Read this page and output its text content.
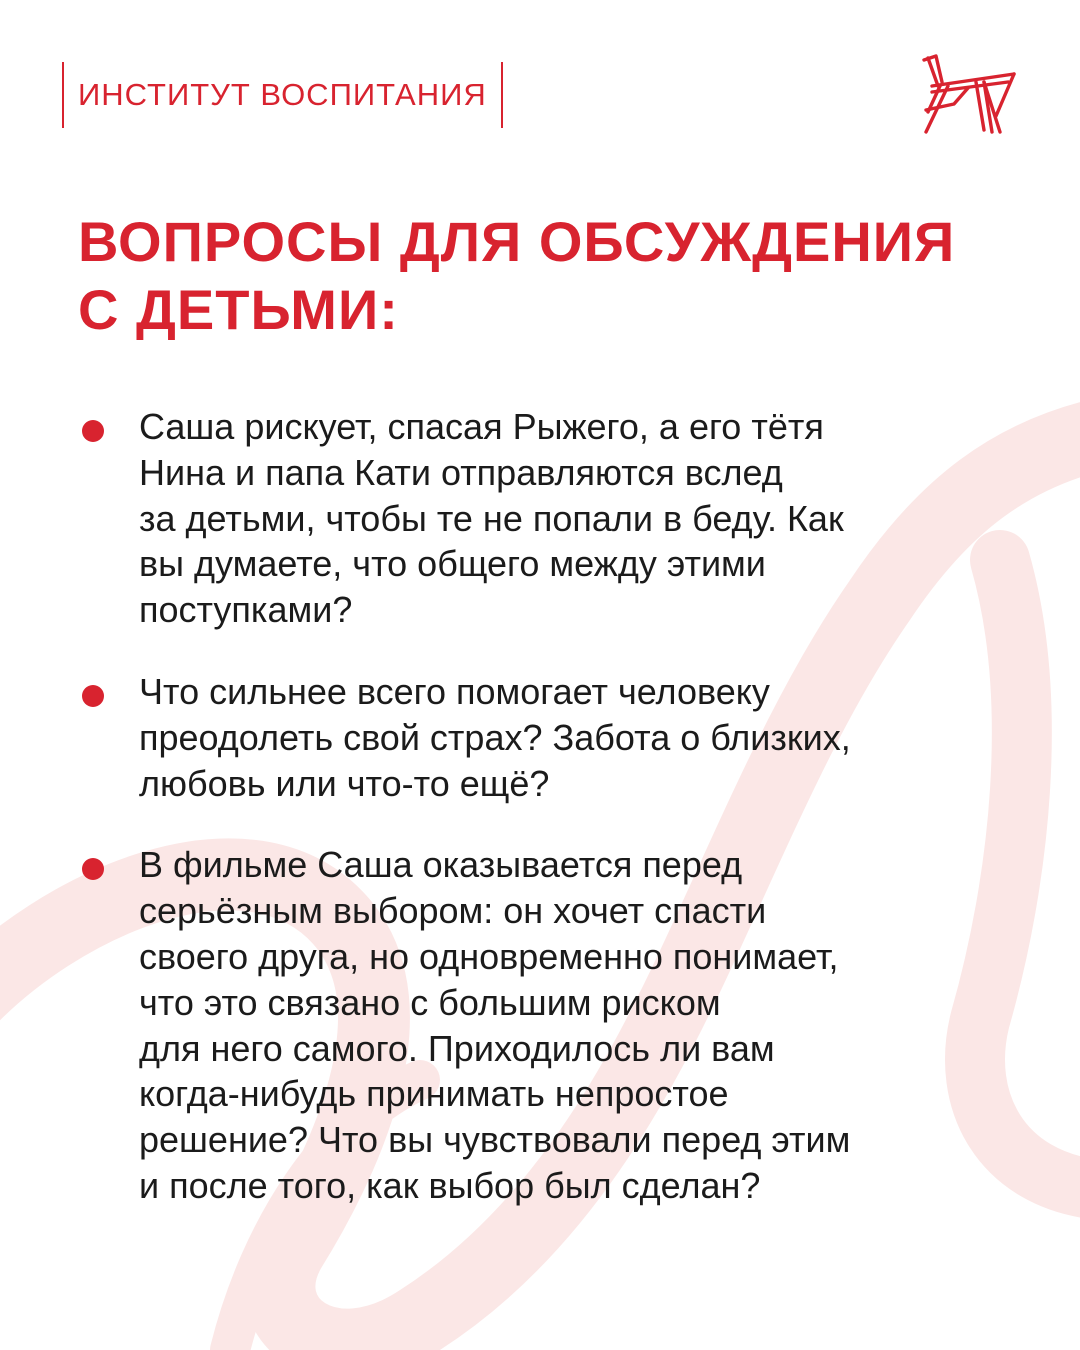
ИНСТИТУТ ВОСПИТАНИЯ
ВОПРОСЫ ДЛЯ ОБСУЖДЕНИЯ
С ДЕТЬМИ:
Саша рискует, спасая Рыжего, а его тётя
Нина и папа Кати отправляются вслед
за детьми, чтобы те не попали в беду. Как
вы думаете, что общего между этими
поступками?
Что сильнее всего помогает человеку
преодолеть свой страх? Забота о близких,
любовь или что-то ещё?
В фильме Саша оказывается перед
серьёзным выбором: он хочет спасти
своего друга, но одновременно понимает,
что это связано с большим риском
для него самого. Приходилось ли вам
когда-нибудь принимать непростое
решение? Что вы чувствовали перед этим
и после того, как выбор был сделан?
